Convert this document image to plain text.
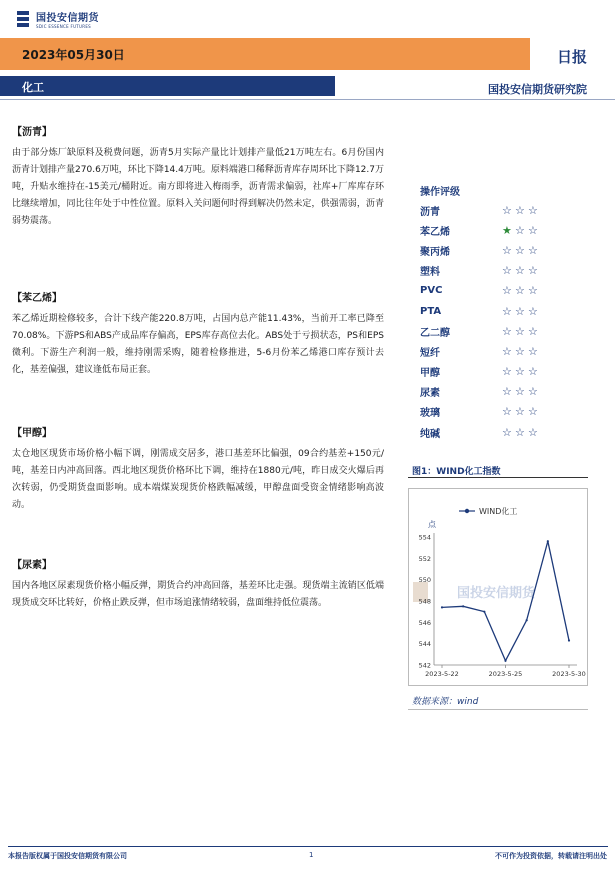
国投安信期货
SDIC ESSENCE FUTURES
2023年05月30日	日报
化工	国投安信期货研究院
【沥青】
由于部分炼厂缺原料及税费问题，沥青5月实际产量比计划排产量低21万吨左右。6月份国内沥青计划排产量270.6万吨，环比下降14.4万吨。原料端港口稀释沥青库存周环比下降12.7万吨，升贴水维持在-15美元/桶附近。南方即将进入梅雨季，沥青需求偏弱，社库+厂库库存环比继续增加，同比往年处于中性位置。原料入关问题何时得到解决仍然未定，供强需弱，沥青弱势震荡。
【苯乙烯】
苯乙烯近期检修较多，合计下线产能220.8万吨，占国内总产能11.43%，当前开工率已降至70.08%。下游PS和ABS产成品库存偏高，EPS库存高位去化。ABS处于亏损状态，PS和EPS微利。下游生产利润一般，维持刚需采购，随着检修推进，5-6月份苯乙烯港口库存预计去化，基差偏强，建议逢低布局正套。
【甲醇】
太仓地区现货市场价格小幅下调，刚需成交居多，港口基差环比偏强，09合约基差+150元/吨，基差日内冲高回落。西北地区现货价格环比下调，维持在1880元/吨，昨日成交火爆后再次转弱，仍受期货盘面影响。成本端煤炭现货价格跌幅减缓，甲醇盘面受资金情绪影响高波动。
【尿素】
国内各地区尿素现货价格小幅反弹，期货合约冲高回落，基差环比走强。现货端主流销区低端现货成交环比转好，价格止跌反弹，但市场追涨情绪较弱，盘面维持低位震荡。
操作评级
沥青	☆ ☆ ☆
苯乙烯	★ ☆ ☆
聚丙烯	☆ ☆ ☆
塑料	☆ ☆ ☆
PVC	☆ ☆ ☆
PTA	☆ ☆ ☆
乙二醇	☆ ☆ ☆
短纤	☆ ☆ ☆
甲醇	☆ ☆ ☆
尿素	☆ ☆ ☆
玻璃	☆ ☆ ☆
纯碱	☆ ☆ ☆
图1：WIND化工指数
国投安信期货
WIND化工
点
542
544
546
548
550
552
554
2023-5-22	2023-5-25	2023-5-30
数据来源：wind
本报告版权属于国投安信期货有限公司	1	不可作为投资依据，转载请注明出处
